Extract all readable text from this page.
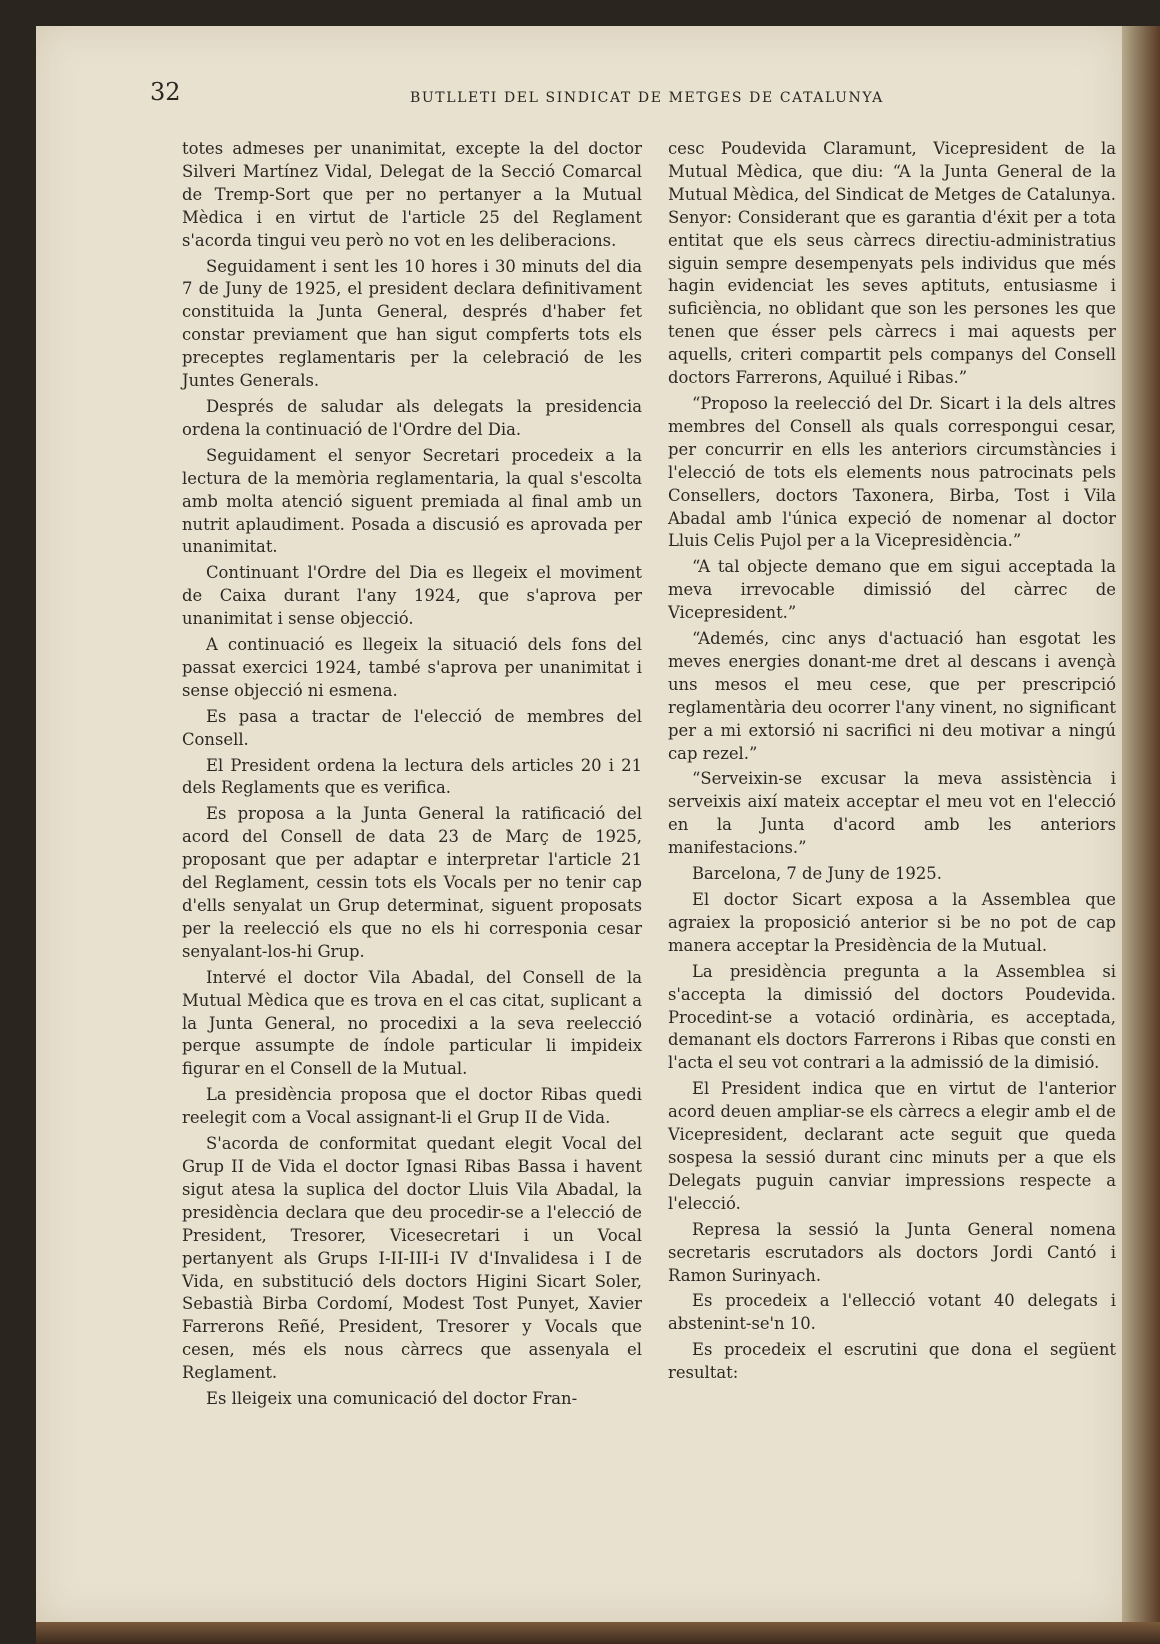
32	BUTLLETI DEL SINDICAT DE METGES DE CATALUNYA

totes admeses per unanimitat, excepte la del doctor Silveri Martínez Vidal, Delegat de la Secció Comarcal de Tremp-Sort que per no pertanyer a la Mutual Mèdica i en virtut de l'article 25 del Reglament s'acorda tingui veu però no vot en les deliberacions.

Seguidament i sent les 10 hores i 30 minuts del dia 7 de Juny de 1925, el president declara definitivament constituida la Junta General, després d'haber fet constar previament que han sigut compferts tots els preceptes reglamentaris per la celebració de les Juntes Generals.

Després de saludar als delegats la presidencia ordena la continuació de l'Ordre del Dia.

Seguidament el senyor Secretari procedeix a la lectura de la memòria reglamentaria, la qual s'escolta amb molta atenció siguent premiada al final amb un nutrit aplaudiment. Posada a discusió es aprovada per unanimitat.

Continuant l'Ordre del Dia es llegeix el moviment de Caixa durant l'any 1924, que s'aprova per unanimitat i sense objecció.

A continuació es llegeix la situació dels fons del passat exercici 1924, també s'aprova per unanimitat i sense objecció ni esmena.

Es pasa a tractar de l'elecció de membres del Consell.

El President ordena la lectura dels articles 20 i 21 dels Reglaments que es verifica.

Es proposa a la Junta General la ratificació del acord del Consell de data 23 de Març de 1925, proposant que per adaptar e interpretar l'article 21 del Reglament, cessin tots els Vocals per no tenir cap d'ells senyalat un Grup determinat, siguent proposats per la reelecció els que no els hi corresponia cesar senyalant-los-hi Grup.

Intervé el doctor Vila Abadal, del Consell de la Mutual Mèdica que es trova en el cas citat, suplicant a la Junta General, no procedixi a la seva reelecció perque assumpte de índole particular li impideix figurar en el Consell de la Mutual.

La presidència proposa que el doctor Ribas quedi reelegit com a Vocal assignant-li el Grup II de Vida.

S'acorda de conformitat quedant elegit Vocal del Grup II de Vida el doctor Ignasi Ribas Bassa i havent sigut atesa la suplica del doctor Lluis Vila Abadal, la presidència declara que deu procedir-se a l'elecció de President, Tresorer, Vicesecretari i un Vocal pertanyent als Grups I-II-III-i IV d'Invalidesa i I de Vida, en substitució dels doctors Higini Sicart Soler, Sebastià Birba Cordomí, Modest Tost Punyet, Xavier Farrerons Reñé, President, Tresorer y Vocals que cesen, més els nous càrrecs que assenyala el Reglament.

Es lleigeix una comunicació del doctor Fran-

cesc Poudevida Claramunt, Vicepresident de la Mutual Mèdica, que diu: “A la Junta General de la Mutual Mèdica, del Sindicat de Metges de Catalunya. Senyor: Considerant que es garantia d'éxit per a tota entitat que els seus càrrecs directiu-administratius siguin sempre desempenyats pels individus que més hagin evidenciat les seves aptituts, entusiasme i suficiència, no oblidant que son les persones les que tenen que ésser pels càrrecs i mai aquests per aquells, criteri compartit pels companys del Consell doctors Farrerons, Aquilué i Ribas.”

“Proposo la reelecció del Dr. Sicart i la dels altres membres del Consell als quals correspongui cesar, per concurrir en ells les anteriors circumstàncies i l'elecció de tots els elements nous patrocinats pels Consellers, doctors Taxonera, Birba, Tost i Vila Abadal amb l'única expeció de nomenar al doctor Lluis Celis Pujol per a la Vicepresidència.”

“A tal objecte demano que em sigui acceptada la meva irrevocable dimissió del càrrec de Vicepresident.”

“Ademés, cinc anys d'actuació han esgotat les meves energies donant-me dret al descans i avençà uns mesos el meu cese, que per prescripció reglamentària deu ocorrer l'any vinent, no significant per a mi extorsió ni sacrifici ni deu motivar a ningú cap rezel.”

“Serveixin-se excusar la meva assistència i serveixis així mateix acceptar el meu vot en l'elecció en la Junta d'acord amb les anteriors manifestacions.”

Barcelona, 7 de Juny de 1925.

El doctor Sicart exposa a la Assemblea que agraiex la proposició anterior si be no pot de cap manera acceptar la Presidència de la Mutual.

La presidència pregunta a la Assemblea si s'accepta la dimissió del doctors Poudevida. Procedint-se a votació ordinària, es acceptada, demanant els doctors Farrerons i Ribas que consti en l'acta el seu vot contrari a la admissió de la dimisió.

El President indica que en virtut de l'anterior acord deuen ampliar-se els càrrecs a elegir amb el de Vicepresident, declarant acte seguit que queda sospesa la sessió durant cinc minuts per a que els Delegats puguin canviar impressions respecte a l'elecció.

Represa la sessió la Junta General nomena secretaris escrutadors als doctors Jordi Cantó i Ramon Surinyach.

Es procedeix a l'ellecció votant 40 delegats i abstenint-se'n 10.

Es procedeix el escrutini que dona el següent resultat:
